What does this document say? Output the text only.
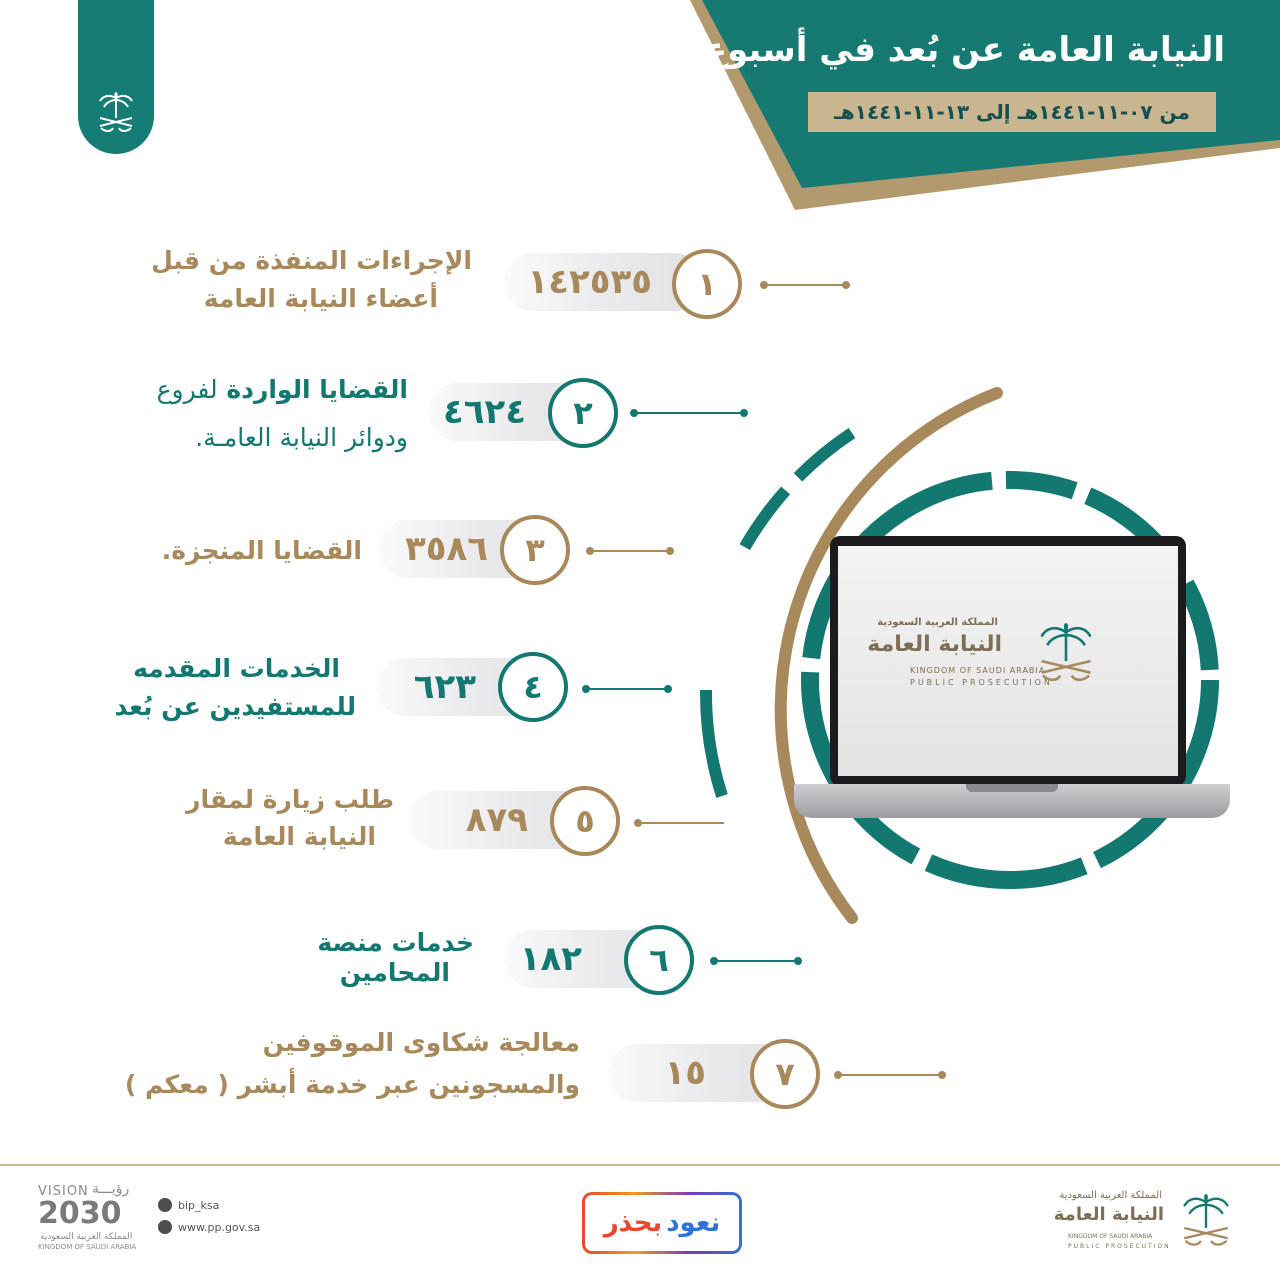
النيابة العامة عن بُعد في أسبوع
من ٠٧-١١-١٤٤١هـ إلى ١٣-١١-١٤٤١هـ
المملكة العربية السعودية
النيابة العامة
KINGDOM OF SAUDI ARABIA
PUBLIC PROSECUTION
١٤٢٥٣٥	١
الإجراءات المنفذة من قبل
أعضاء النيابة العامة
٤٦٢٤	٢
القضايا الواردة لفروع
ودوائر النيابة العامـة.
٣٥٨٦	٣
القضايا المنجزة.
٦٢٣	٤
الخدمات المقدمه
للمستفيدين عن بُعد
٨٧٩	٥
طلب زيارة لمقار
النيابة العامة
١٨٢	٦
خدمات منصة
المحامين
١٥	٧
معالجة شكاوى الموقوفين
والمسجونين عبر خدمة أبشر ( معكم )
VISION رؤيـــة
2030
المملكة العربية السعودية
KINGDOM OF SAUDI ARABIA
bip_ksa
www.pp.gov.sa	نعود
بحذر
المملكة العربية السعودية
النيابة العامة
KINGDOM OF SAUDI ARABIA
PUBLIC PROSECUTION
